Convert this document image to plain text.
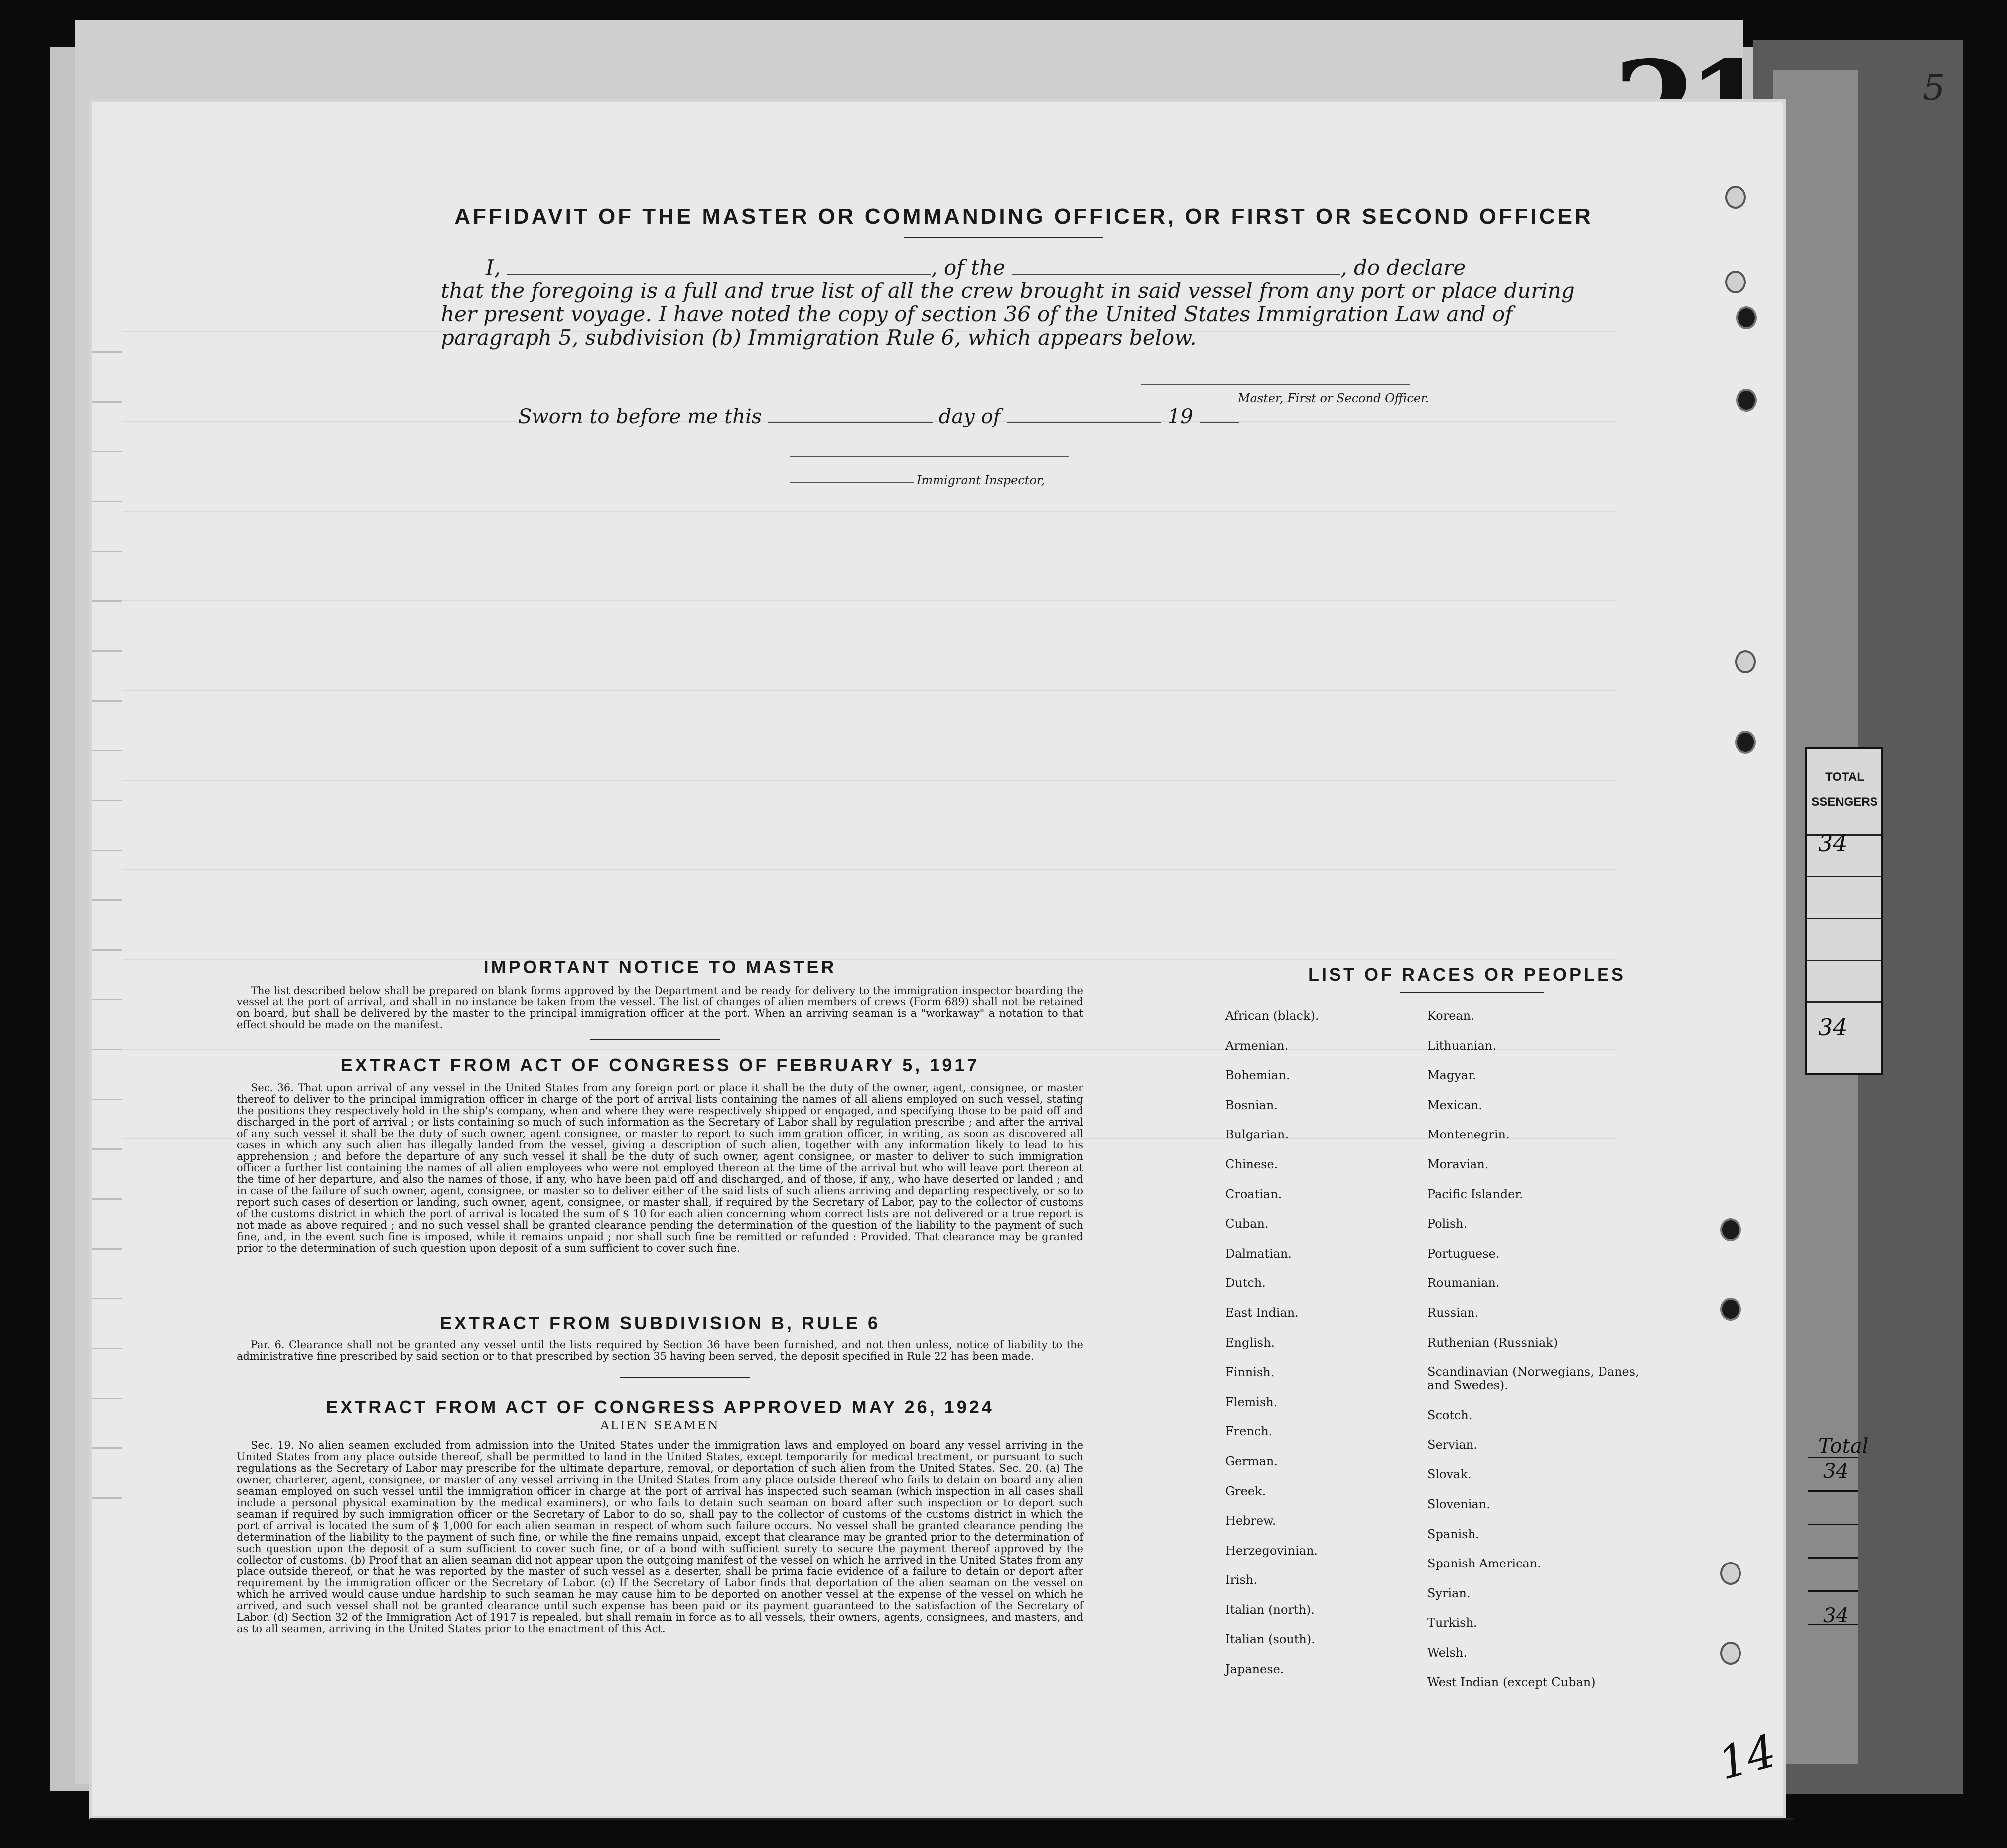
5
TOTAL
SSENGERS
34
34
Total
34
34
AFFIDAVIT OF THE MASTER OR COMMANDING OFFICER, OR FIRST OR SECOND OFFICER
I,	, of the	, do declare
that the foregoing is a full and true list of all the crew brought in said vessel from any port or place during her present voyage. I have noted the copy of section 36 of the United States Immigration Law and of paragraph 5, subdivision (b) Immigration Rule 6, which appears below.
Master, First or Second Officer.
Sworn to before me this	day of	19
Immigrant Inspector,
IMPORTANT NOTICE TO MASTER
The list described below shall be prepared on blank forms approved by the Department and be ready for delivery to the immigration inspector boarding the vessel at the port of arrival, and shall in no instance be taken from the vessel. The list of changes of alien members of crews (Form 689) shall not be retained on board, but shall be delivered by the master to the principal immigration officer at the port. When an arriving seaman is a "workaway" a notation to that effect should be made on the manifest.
EXTRACT FROM ACT OF CONGRESS OF FEBRUARY 5, 1917
Sec. 36. That upon arrival of any vessel in the United States from any foreign port or place it shall be the duty of the owner, agent, consignee, or master thereof to deliver to the principal immigration officer in charge of the port of arrival lists containing the names of all aliens employed on such vessel, stating the positions they respectively hold in the ship's company, when and where they were respectively shipped or engaged, and specifying those to be paid off and discharged in the port of arrival ; or lists containing so much of such information as the Secretary of Labor shall by regulation prescribe ; and after the arrival of any such vessel it shall be the duty of such owner, agent consignee, or master to report to such immigration officer, in writing, as soon as discovered all cases in which any such alien has illegally landed from the vessel, giving a description of such alien, together with any information likely to lead to his apprehension ; and before the departure of any such vessel it shall be the duty of such owner, agent consignee, or master to deliver to such immigration officer a further list containing the names of all alien employees who were not employed thereon at the time of the arrival but who will leave port thereon at the time of her departure, and also the names of those, if any, who have been paid off and discharged, and of those, if any,, who have deserted or landed ; and in case of the failure of such owner, agent, consignee, or master so to deliver either of the said lists of such aliens arriving and departing respectively, or so to report such cases of desertion or landing, such owner, agent, consignee, or master shall, if required by the Secretary of Labor, pay to the collector of customs of the customs district in which the port of arrival is located the sum of $ 10 for each alien concerning whom correct lists are not delivered or a true report is not made as above required ; and no such vessel shall be granted clearance pending the determination of the question of the liability to the payment of such fine, and, in the event such fine is imposed, while it remains unpaid ; nor shall such fine be remitted or refunded : Provided. That clearance may be granted prior to the determination of such question upon deposit of a sum sufficient to cover such fine.
EXTRACT FROM SUBDIVISION B, RULE 6
Par. 6. Clearance shall not be granted any vessel until the lists required by Section 36 have been furnished, and not then unless, notice of liability to the administrative fine prescribed by said section or to that prescribed by section 35 having been served, the deposit specified in Rule 22 has been made.
EXTRACT FROM ACT OF CONGRESS APPROVED MAY 26, 1924
ALIEN SEAMEN
Sec. 19. No alien seamen excluded from admission into the United States under the immigration laws and employed on board any vessel arriving in the United States from any place outside thereof, shall be permitted to land in the United States, except temporarily for medical treatment, or pursuant to such regulations as the Secretary of Labor may prescribe for the ultimate departure, removal, or deportation of such alien from the United States. Sec. 20. (a) The owner, charterer, agent, consignee, or master of any vessel arriving in the United States from any place outside thereof who fails to detain on board any alien seaman employed on such vessel until the immigration officer in charge at the port of arrival has inspected such seaman (which inspection in all cases shall include a personal physical examination by the medical examiners), or who fails to detain such seaman on board after such inspection or to deport such seaman if required by such immigration officer or the Secretary of Labor to do so, shall pay to the collector of customs of the customs district in which the port of arrival is located the sum of $ 1,000 for each alien seaman in respect of whom such failure occurs. No vessel shall be granted clearance pending the determination of the liability to the payment of such fine, or while the fine remains unpaid, except that clearance may be granted prior to the determination of such question upon the deposit of a sum sufficient to cover such fine, or of a bond with sufficient surety to secure the payment thereof approved by the collector of customs. (b) Proof that an alien seaman did not appear upon the outgoing manifest of the vessel on which he arrived in the United States from any place outside thereof, or that he was reported by the master of such vessel as a deserter, shall be prima facie evidence of a failure to detain or deport after requirement by the immigration officer or the Secretary of Labor. (c) If the Secretary of Labor finds that deportation of the alien seaman on the vessel on which he arrived would cause undue hardship to such seaman he may cause him to be deported on another vessel at the expense of the vessel on which he arrived, and such vessel shall not be granted clearance until such expense has been paid or its payment guaranteed to the satisfaction of the Secretary of Labor. (d) Section 32 of the Immigration Act of 1917 is repealed, but shall remain in force as to all vessels, their owners, agents, consignees, and masters, and as to all seamen, arriving in the United States prior to the enactment of this Act.
LIST OF RACES OR PEOPLES
African (black).
Armenian.
Bohemian.
Bosnian.
Bulgarian.
Chinese.
Croatian.
Cuban.
Dalmatian.
Dutch.
East Indian.
English.
Finnish.
Flemish.
French.
German.
Greek.
Hebrew.
Herzegovinian.
Irish.
Italian (north).
Italian (south).
Japanese.
Korean.
Lithuanian.
Magyar.
Mexican.
Montenegrin.
Moravian.
Pacific Islander.
Polish.
Portuguese.
Roumanian.
Russian.
Ruthenian (Russniak)
Scandinavian (Norwegians, Danes, and Swedes).
Scotch.
Servian.
Slovak.
Slovenian.
Spanish.
Spanish American.
Syrian.
Turkish.
Welsh.
West Indian (except Cuban)
14
